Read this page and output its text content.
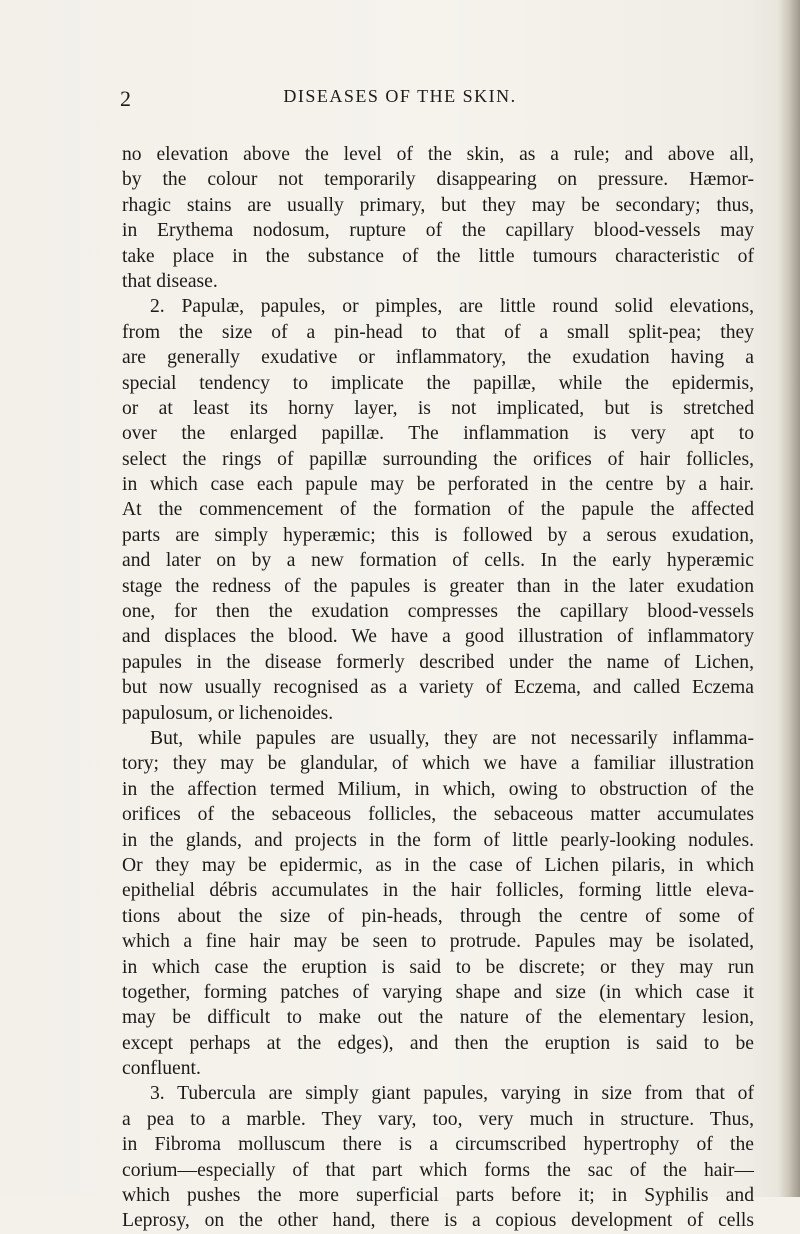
2	DISEASES OF THE SKIN.
no elevation above the level of the skin, as a rule; and above all,
by the colour not temporarily disappearing on pressure. Hæmor-
rhagic stains are usually primary, but they may be secondary; thus,
in Erythema nodosum, rupture of the capillary blood-vessels may
take place in the substance of the little tumours characteristic of
that disease.
2. Papulæ, papules, or pimples, are little round solid elevations,
from the size of a pin-head to that of a small split-pea; they
are generally exudative or inflammatory, the exudation having a
special tendency to implicate the papillæ, while the epidermis,
or at least its horny layer, is not implicated, but is stretched
over the enlarged papillæ. The inflammation is very apt to
select the rings of papillæ surrounding the orifices of hair follicles,
in which case each papule may be perforated in the centre by a hair.
At the commencement of the formation of the papule the affected
parts are simply hyperæmic; this is followed by a serous exudation,
and later on by a new formation of cells. In the early hyperæmic
stage the redness of the papules is greater than in the later exudation
one, for then the exudation compresses the capillary blood-vessels
and displaces the blood. We have a good illustration of inflammatory
papules in the disease formerly described under the name of Lichen,
but now usually recognised as a variety of Eczema, and called Eczema
papulosum, or lichenoides.
But, while papules are usually, they are not necessarily inflamma-
tory; they may be glandular, of which we have a familiar illustration
in the affection termed Milium, in which, owing to obstruction of the
orifices of the sebaceous follicles, the sebaceous matter accumulates
in the glands, and projects in the form of little pearly-looking nodules.
Or they may be epidermic, as in the case of Lichen pilaris, in which
epithelial débris accumulates in the hair follicles, forming little eleva-
tions about the size of pin-heads, through the centre of some of
which a fine hair may be seen to protrude. Papules may be isolated,
in which case the eruption is said to be discrete; or they may run
together, forming patches of varying shape and size (in which case it
may be difficult to make out the nature of the elementary lesion,
except perhaps at the edges), and then the eruption is said to be
confluent.
3. Tubercula are simply giant papules, varying in size from that of
a pea to a marble. They vary, too, very much in structure. Thus,
in Fibroma molluscum there is a circumscribed hypertrophy of the
corium—especially of that part which forms the sac of the hair—
which pushes the more superficial parts before it; in Syphilis and
Leprosy, on the other hand, there is a copious development of cells
